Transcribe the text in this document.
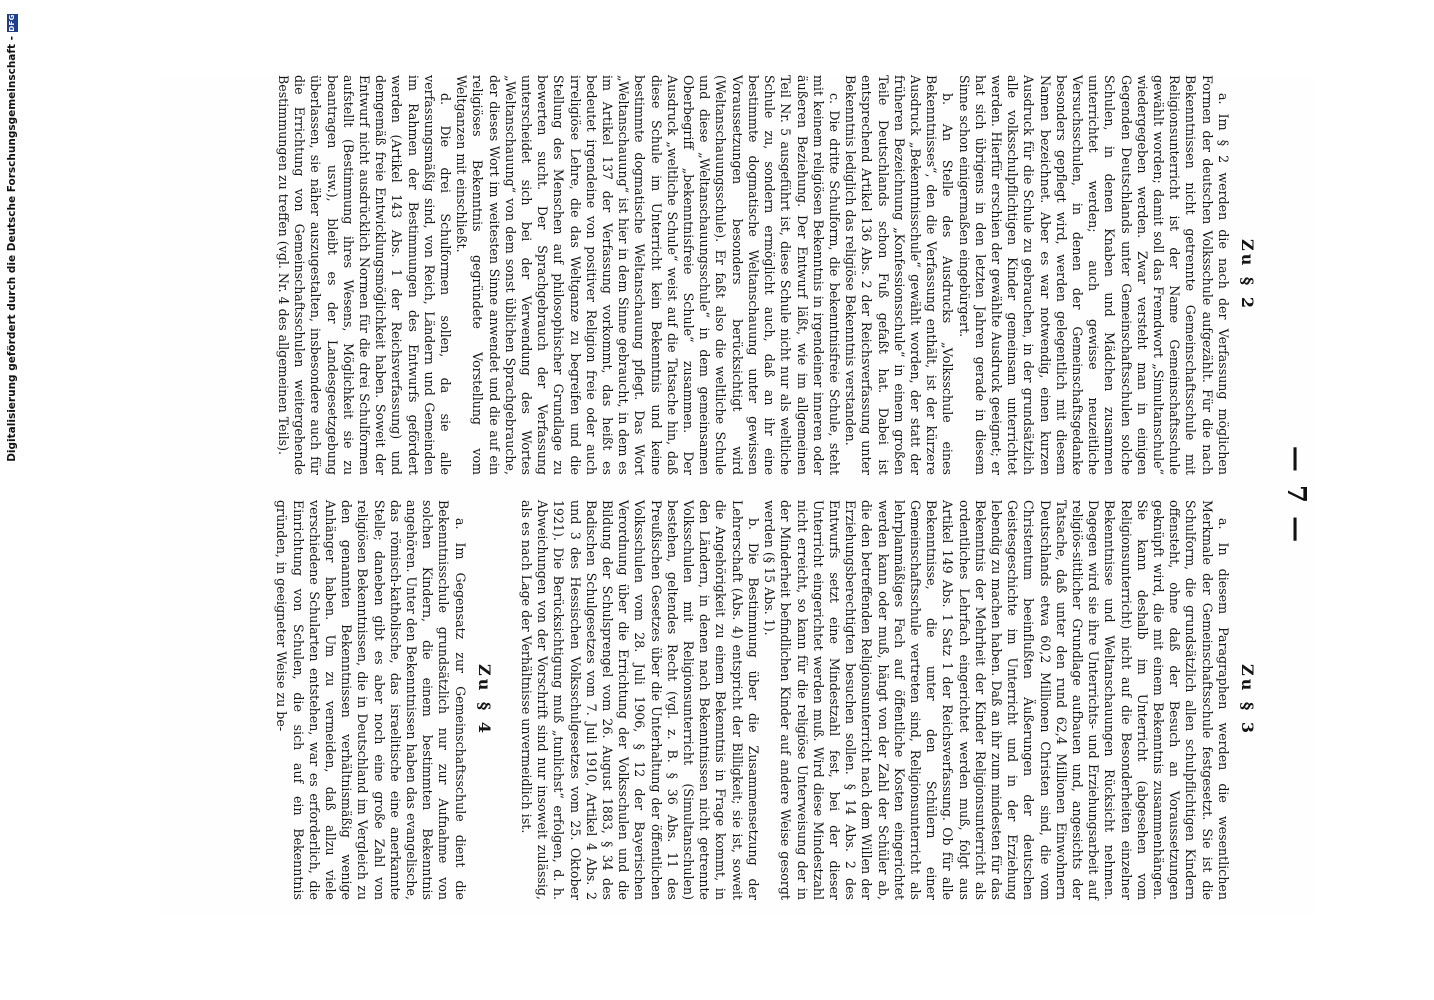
Digitalisierung gefördert durch die Deutsche Forschungsgemeinschaft -
DFG
— 7 —
Zu § 2

a. Im § 2 werden die nach der Verfassung möglichen Formen der deutschen Volksschule aufgezählt. Für die nach Bekenntnissen nicht getrennte Gemeinschaftsschule mit Religionsunterricht ist der Name Gemeinschaftsschule gewählt worden; damit soll das Fremdwort „Simultanschule“ wiedergegeben werden. Zwar versteht man in einigen Gegenden Deutschlands unter Gemeinschaftsschulen solche Schulen, in denen Knaben und Mädchen zusammen unterrichtet werden; auch gewisse neuzeitliche Versuchsschulen, in denen der Gemeinschaftsgedanke besonders gepflegt wird, werden gelegentlich mit diesem Namen bezeichnet. Aber es war notwendig, einen kurzen Ausdruck für die Schule zu gebrauchen, in der grundsätzlich alle volksschulpflichtigen Kinder gemeinsam unterrichtet werden. Hierfür erschien der gewählte Ausdruck geeignet; er hat sich übrigens in den letzten Jahren gerade in diesem Sinne schon einigermaßen eingebürgert.

b. An Stelle des Ausdrucks „Volksschule eines Bekenntnisses“, den die Verfassung enthält, ist der kürzere Ausdruck „Bekenntnisschule“ gewählt worden, der statt der früheren Bezeichnung „Konfessionsschule“ in einem großen Teile Deutschlands schon Fuß gefaßt hat. Dabei ist entsprechend Artikel 136 Abs. 2 der Reichsverfassung unter Bekenntnis lediglich das religiöse Bekenntnis verstanden.

c. Die dritte Schulform, die bekenntnisfreie Schule, steht mit keinem religiösen Bekenntnis in irgendeiner inneren oder äußeren Beziehung. Der Entwurf läßt, wie im allgemeinen Teil Nr. 5 ausgeführt ist, diese Schule nicht nur als weltliche Schule zu, sondern ermöglicht auch, daß an ihr eine bestimmte dogmatische Weltanschauung unter gewissen Voraussetzungen besonders berücksichtigt wird (Weltanschauungsschule). Er faßt also die weltliche Schule und diese „Weltanschauungsschule“ in dem gemeinsamen Oberbegriff „bekenntnisfreie Schule“ zusammen. Der Ausdruck „weltliche Schule“ weist auf die Tatsache hin, daß diese Schule im Unterricht kein Bekenntnis und keine bestimmte dogmatische Weltanschauung pflegt. Das Wort „Weltanschauung“ ist hier in dem Sinne gebraucht, in dem es im Artikel 137 der Verfassung vorkommt, das heißt es bedeutet irgendeine von positiver Religion freie oder auch irreligiöse Lehre, die das Weltganze zu begreifen und die Stellung des Menschen auf philosophischer Grundlage zu bewerten sucht. Der Sprachgebrauch der Verfassung unterscheidet sich bei der Verwendung des Wortes „Weltanschauung“ von dem sonst üblichen Sprachgebrauche, der dieses Wort im weitesten Sinne anwendet und die auf ein religiöses Bekenntnis gegründete Vorstellung vom Weltganzen mit einschließt.

d. Die drei Schulformen sollen, da sie alle verfassungsmäßig sind, von Reich, Ländern und Gemeinden im Rahmen der Bestimmungen des Entwurfs gefördert werden (Artikel 143 Abs. 1 der Reichsverfassung) und demgemäß freie Entwicklungsmöglichkeit haben. Soweit der Entwurf nicht ausdrücklich Normen für die drei Schulformen aufstellt (Bestimmung ihres Wesens, Möglichkeit sie zu beantragen usw.), bleibt es der Landesgesetzgebung überlassen, sie näher auszugestalten, insbesondere auch für die Errichtung von Gemeinschaftsschulen weitergehende Bestimmungen zu treffen (vgl. Nr. 4 des allgemeinen Teils).

Zu § 3

a. In diesem Paragraphen werden die wesentlichen Merkmale der Gemeinschaftsschule festgesetzt. Sie ist die Schulform, die grundsätzlich allen schulpflichtigen Kindern offensteht, ohne daß der Besuch an Voraussetzungen geknüpft wird, die mit einem Bekenntnis zusammenhängen. Sie kann deshalb im Unterricht (abgesehen vom Religionsunterricht) nicht auf die Besonderheiten einzelner Bekenntnisse und Weltanschauungen Rücksicht nehmen. Dagegen wird sie ihre Unterrichts- und Erziehungsarbeit auf religiös-sittlicher Grundlage aufbauen und, angesichts der Tatsache, daß unter den rund 62,4 Millionen Einwohnern Deutschlands etwa 60,2 Millionen Christen sind, die vom Christentum beeinflußten Äußerungen der deutschen Geistesgeschichte im Unterricht und in der Erziehung lebendig zu machen haben. Daß an ihr zum mindesten für das Bekenntnis der Mehrheit der Kinder Religionsunterricht als ordentliches Lehrfach eingerichtet werden muß, folgt aus Artikel 149 Abs. 1 Satz 1 der Reichsverfassung. Ob für alle Bekenntnisse, die unter den Schülern einer Gemeinschaftsschule vertreten sind, Religionsunterricht als lehrplanmäßiges Fach auf öffentliche Kosten eingerichtet werden kann oder muß, hängt von der Zahl der Schüler ab, die den betreffenden Religionsunterricht nach dem Willen der Erziehungsberechtigten besuchen sollen. § 14 Abs. 2 des Entwurfs setzt eine Mindestzahl fest, bei der dieser Unterricht eingerichtet werden muß. Wird diese Mindestzahl nicht erreicht, so kann für die religiöse Unterweisung der in der Minderheit befindlichen Kinder auf andere Weise gesorgt werden (§ 15 Abs. 1).

b. Die Bestimmung über die Zusammensetzung der Lehrerschaft (Abs. 4) entspricht der Billigkeit; sie ist, soweit die Angehörigkeit zu einem Bekenntnis in Frage kommt, in den Ländern, in denen nach Bekenntnissen nicht getrennte Volksschulen mit Religionsunterricht (Simultanschulen) bestehen, geltendes Recht (vgl. z. B. § 36 Abs. 11 des Preußischen Gesetzes über die Unterhaltung der öffentlichen Volksschulen vom 28. Juli 1906, § 12 der Bayerischen Verordnung über die Errichtung der Volksschulen und die Bildung der Schulsprengel vom 26. August 1883, § 34 des Badischen Schulgesetzes vom 7. Juli 1910, Artikel 4 Abs. 2 und 3 des Hessischen Volksschulgesetzes vom 25. Oktober 1921). Die Berücksichtigung muß „tunlichst“ erfolgen, d. h. Abweichungen von der Vorschrift sind nur insoweit zulässig, als es nach Lage der Verhältnisse unvermeidlich ist.

Zu § 4

a. Im Gegensatz zur Gemeinschaftsschule dient die Bekenntnisschule grundsätzlich nur zur Aufnahme von solchen Kindern, die einem bestimmten Bekenntnis angehören. Unter den Bekenntnissen haben das evangelische, das römisch-katholische, das israelitische eine anerkannte Stelle; daneben gibt es aber noch eine große Zahl von religiösen Bekenntnissen, die in Deutschland im Vergleich zu den genannten Bekenntnissen verhältnismäßig wenige Anhänger haben. Um zu vermeiden, daß allzu viele verschiedene Schularten entstehen, war es erforderlich, die Einrichtung von Schulen, die sich auf ein Bekenntnis gründen, in geeigneter Weise zu be-
